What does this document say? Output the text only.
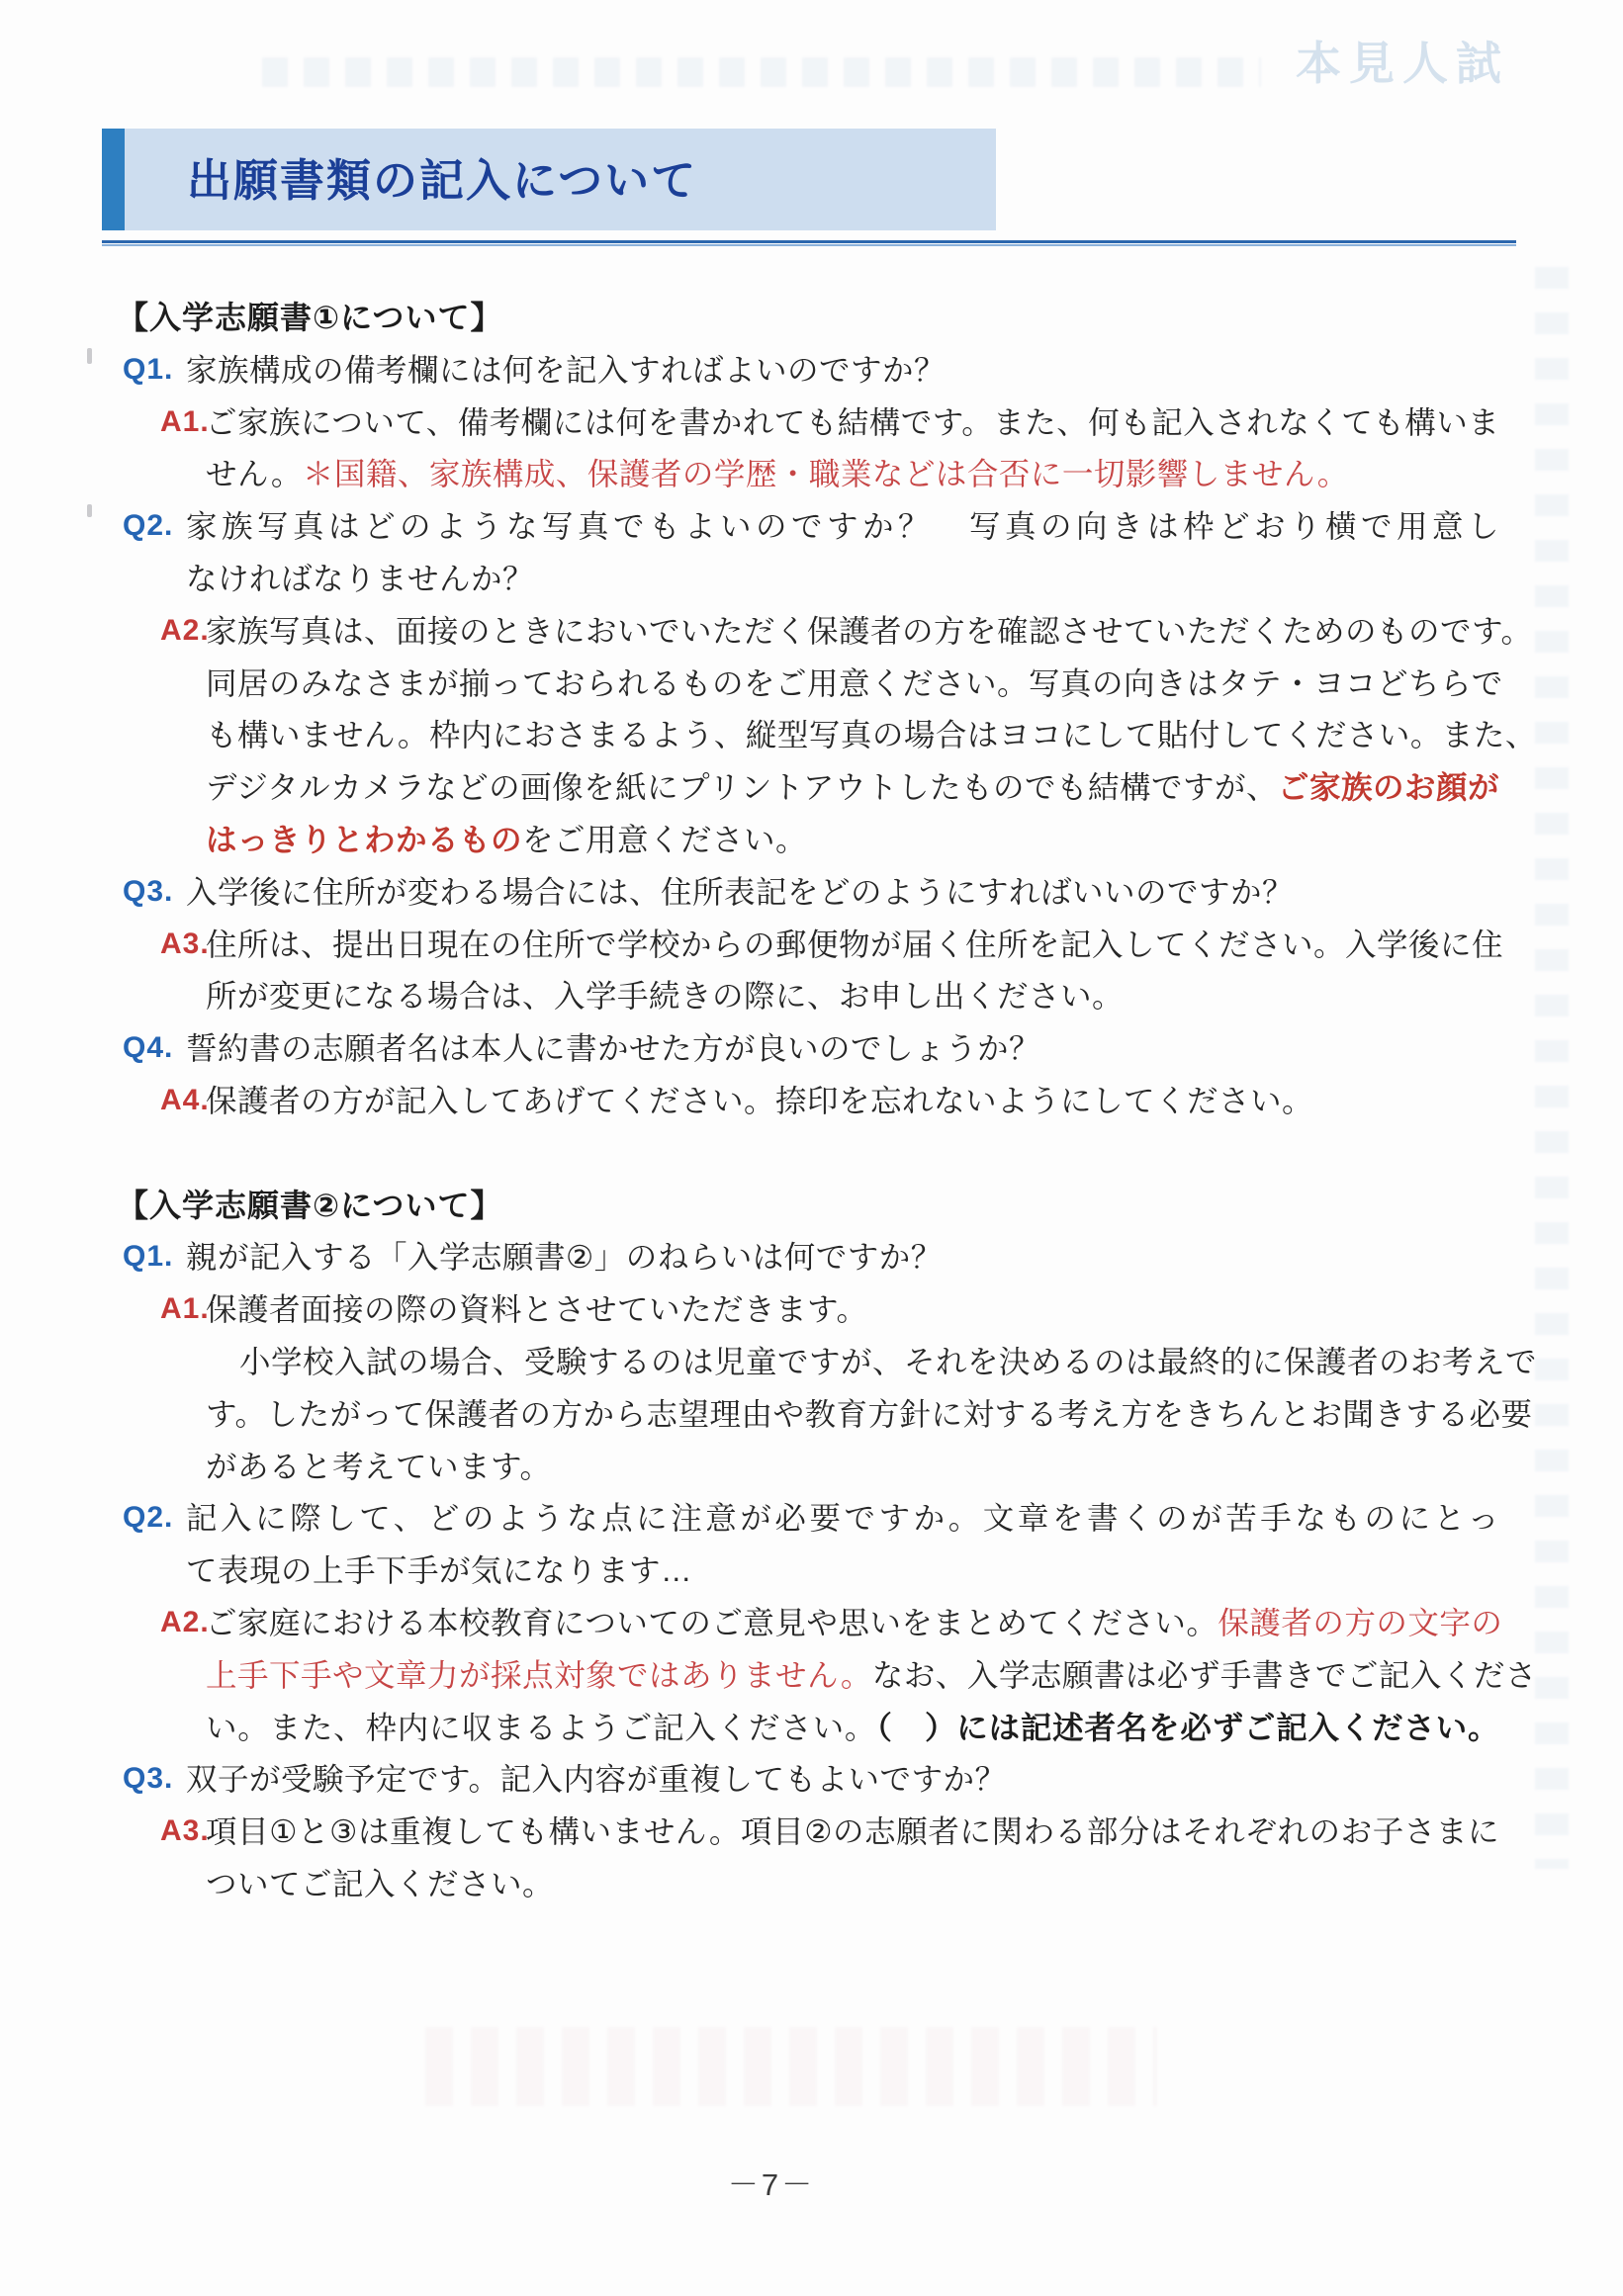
本見人試
出願書類の記入について
【入学志願書①について】
Q1. 家族構成の備考欄には何を記入すればよいのですか？
A1.
ご家族について、備考欄には何を書かれても結構です。また、何も記入されなくても構いま
せん。＊国籍、家族構成、保護者の学歴・職業などは合否に一切影響しません。
Q2. 家族写真はどのような写真でもよいのですか？　写真の向きは枠どおり横で用意し
なければなりませんか？
A2.
家族写真は、面接のときにおいでいただく保護者の方を確認させていただくためのものです。
同居のみなさまが揃っておられるものをご用意ください。写真の向きはタテ・ヨコどちらで
も構いません。枠内におさまるよう、縦型写真の場合はヨコにして貼付してください。また、
デジタルカメラなどの画像を紙にプリントアウトしたものでも結構ですが、ご家族のお顔が
はっきりとわかるものをご用意ください。
Q3. 入学後に住所が変わる場合には、住所表記をどのようにすればいいのですか？
A3.
住所は、提出日現在の住所で学校からの郵便物が届く住所を記入してください。入学後に住
所が変更になる場合は、入学手続きの際に、お申し出ください。
Q4. 誓約書の志願者名は本人に書かせた方が良いのでしょうか？
A4.
保護者の方が記入してあげてください。捺印を忘れないようにしてください。
【入学志願書②について】
Q1. 親が記入する「入学志願書②」のねらいは何ですか？
A1.
保護者面接の際の資料とさせていただきます。
小学校入試の場合、受験するのは児童ですが、それを決めるのは最終的に保護者のお考えで
す。したがって保護者の方から志望理由や教育方針に対する考え方をきちんとお聞きする必要
があると考えています。
Q2. 記入に際して、どのような点に注意が必要ですか。文章を書くのが苦手なものにとっ
て表現の上手下手が気になります…
A2.
ご家庭における本校教育についてのご意見や思いをまとめてください。保護者の方の文字の
上手下手や文章力が採点対象ではありません。なお、入学志願書は必ず手書きでご記入くださ
い。また、枠内に収まるようご記入ください。（　）には記述者名を必ずご記入ください。
Q3. 双子が受験予定です。記入内容が重複してもよいですか？
A3.
項目①と③は重複しても構いません。項目②の志願者に関わる部分はそれぞれのお子さまに
ついてご記入ください。
－7－
